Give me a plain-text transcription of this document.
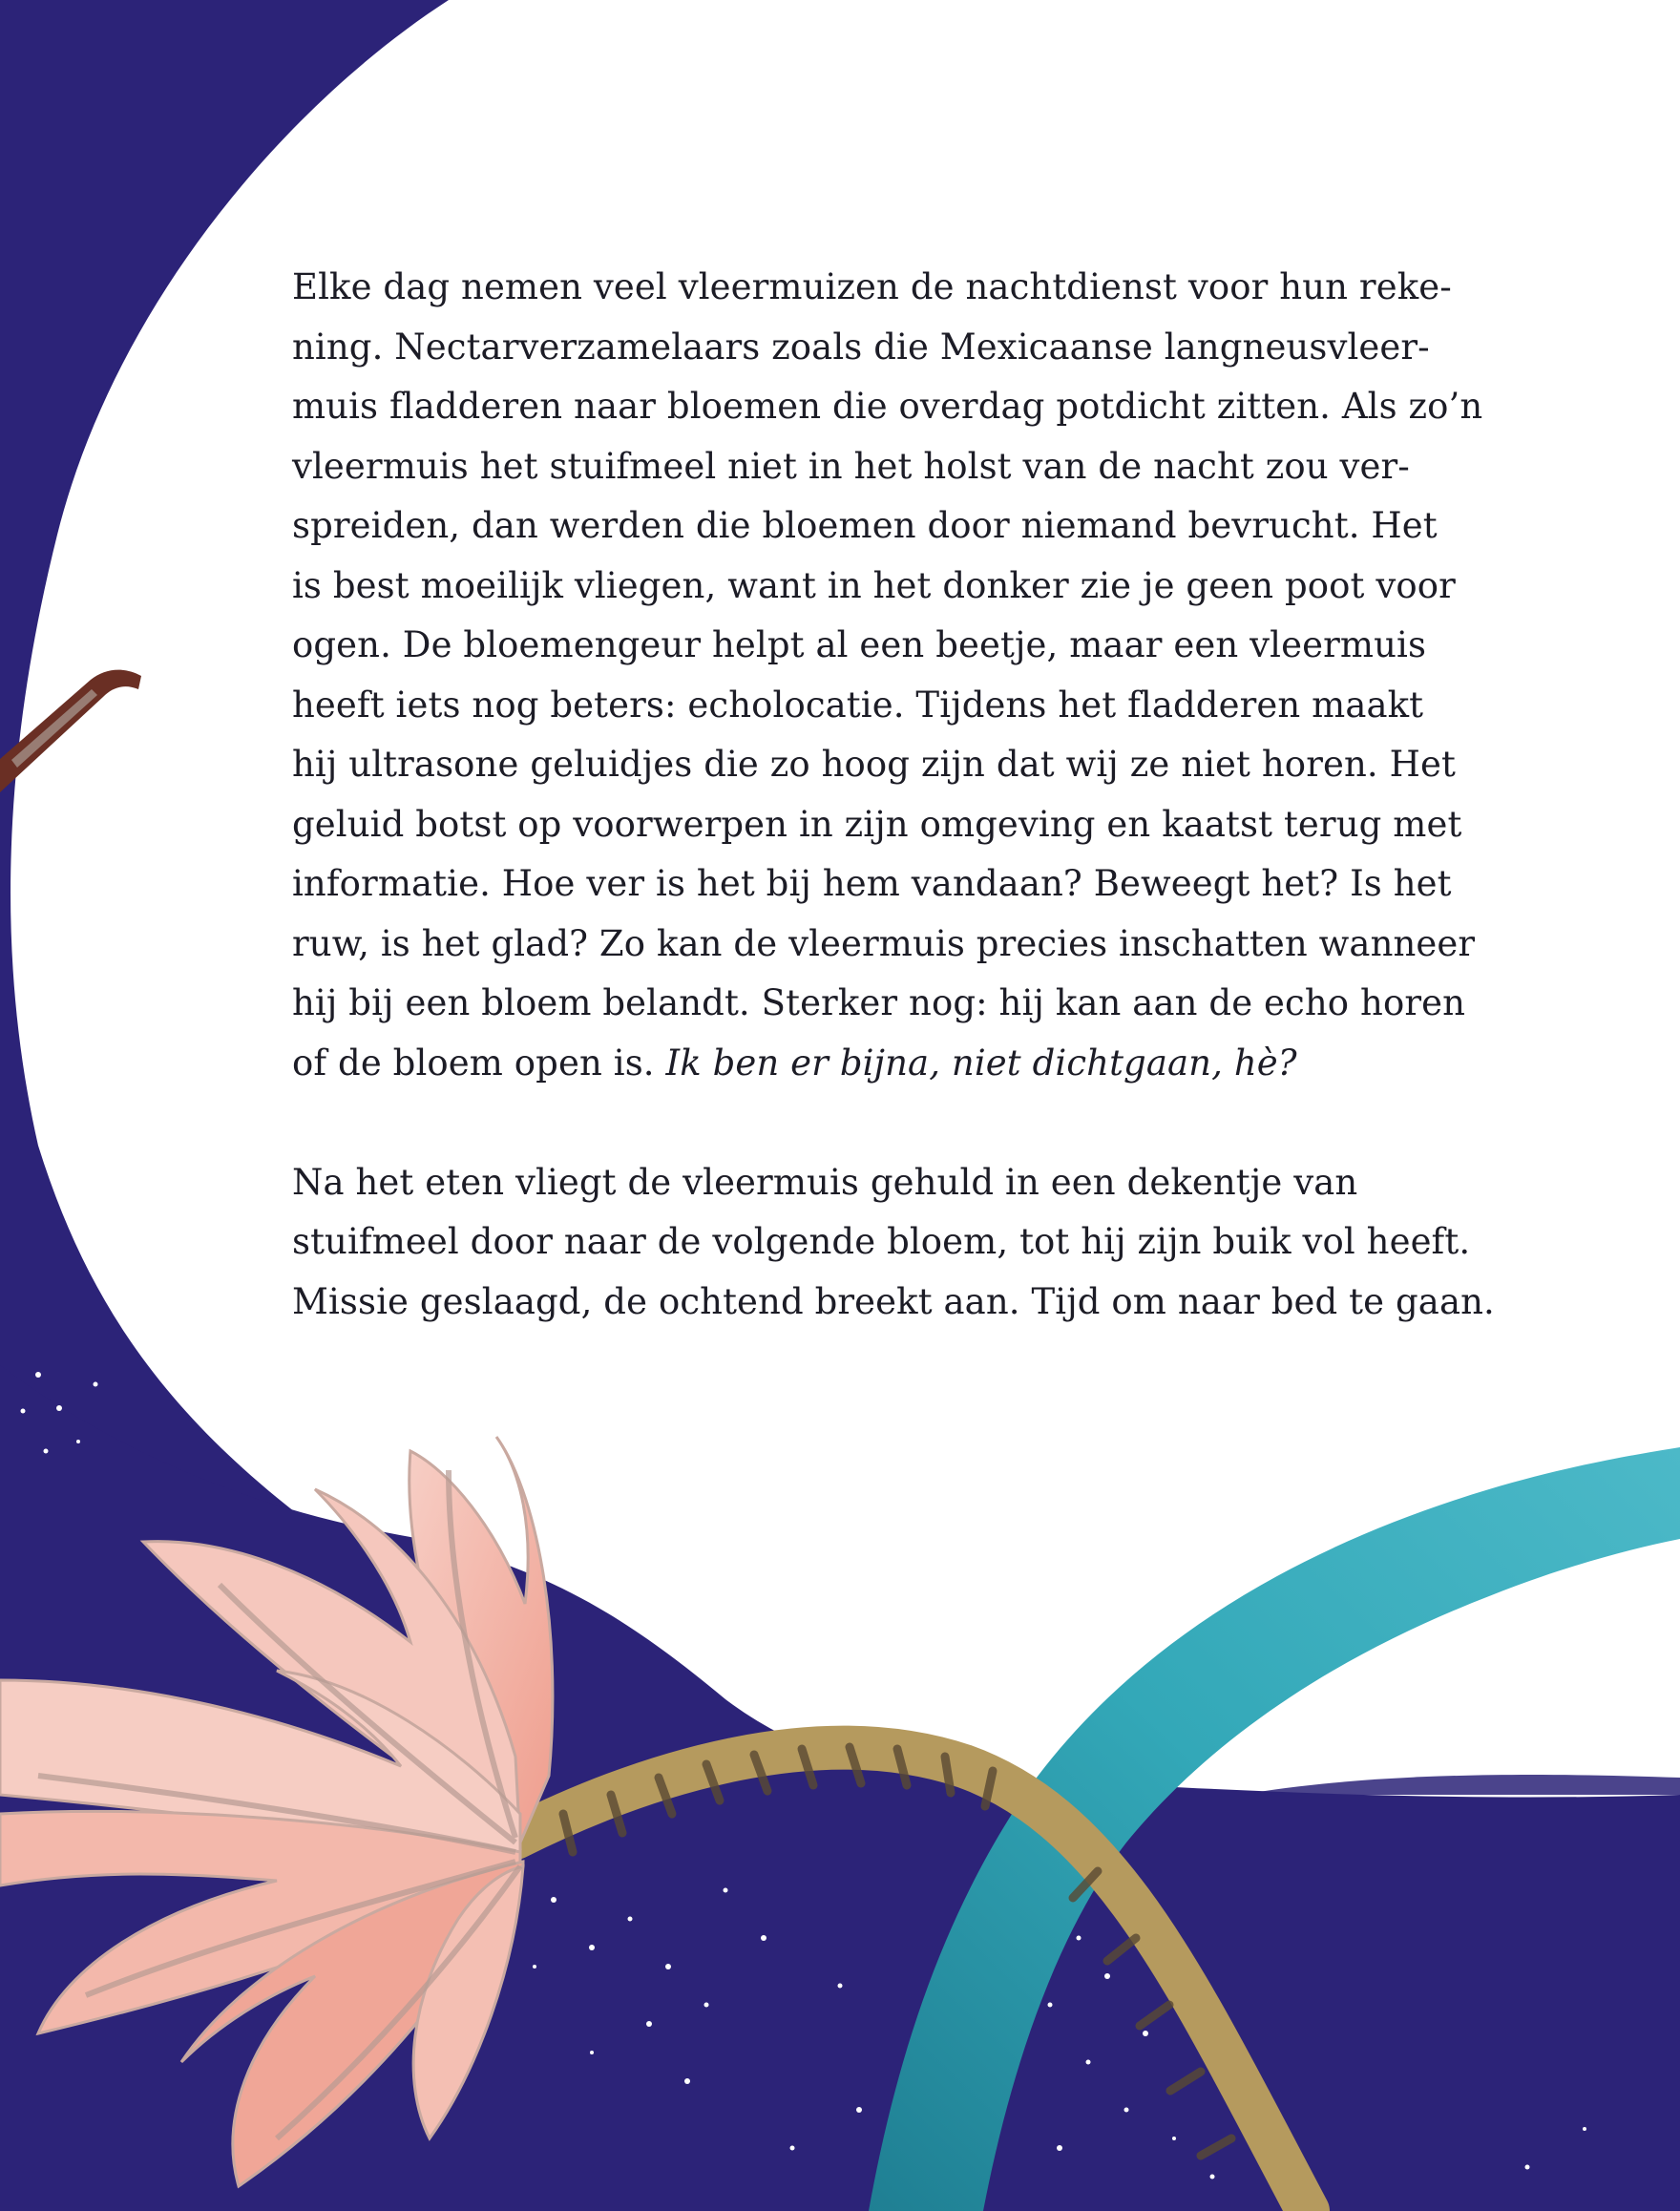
Elke dag nemen veel vleermuizen de nachtdienst voor hun reke-
ning. Nectarverzamelaars zoals die Mexicaanse langneusvleer-
muis fladderen naar bloemen die overdag potdicht zitten. Als zo’n
vleermuis het stuifmeel niet in het holst van de nacht zou ver-
spreiden, dan werden die bloemen door niemand bevrucht. Het
is best moeilijk vliegen, want in het donker zie je geen poot voor
ogen. De bloemengeur helpt al een beetje, maar een vleermuis
heeft iets nog beters: echolocatie. Tijdens het fladderen maakt
hij ultrasone geluidjes die zo hoog zijn dat wij ze niet horen. Het
geluid botst op voorwerpen in zijn omgeving en kaatst terug met
informatie. Hoe ver is het bij hem vandaan? Beweegt het? Is het
ruw, is het glad? Zo kan de vleermuis precies inschatten wanneer
hij bij een bloem belandt. Sterker nog: hij kan aan de echo horen
of de bloem open is. Ik ben er bijna, niet dichtgaan, hè?
Na het eten vliegt de vleermuis gehuld in een dekentje van
stuifmeel door naar de volgende bloem, tot hij zijn buik vol heeft.
Missie geslaagd, de ochtend breekt aan. Tijd om naar bed te gaan.
